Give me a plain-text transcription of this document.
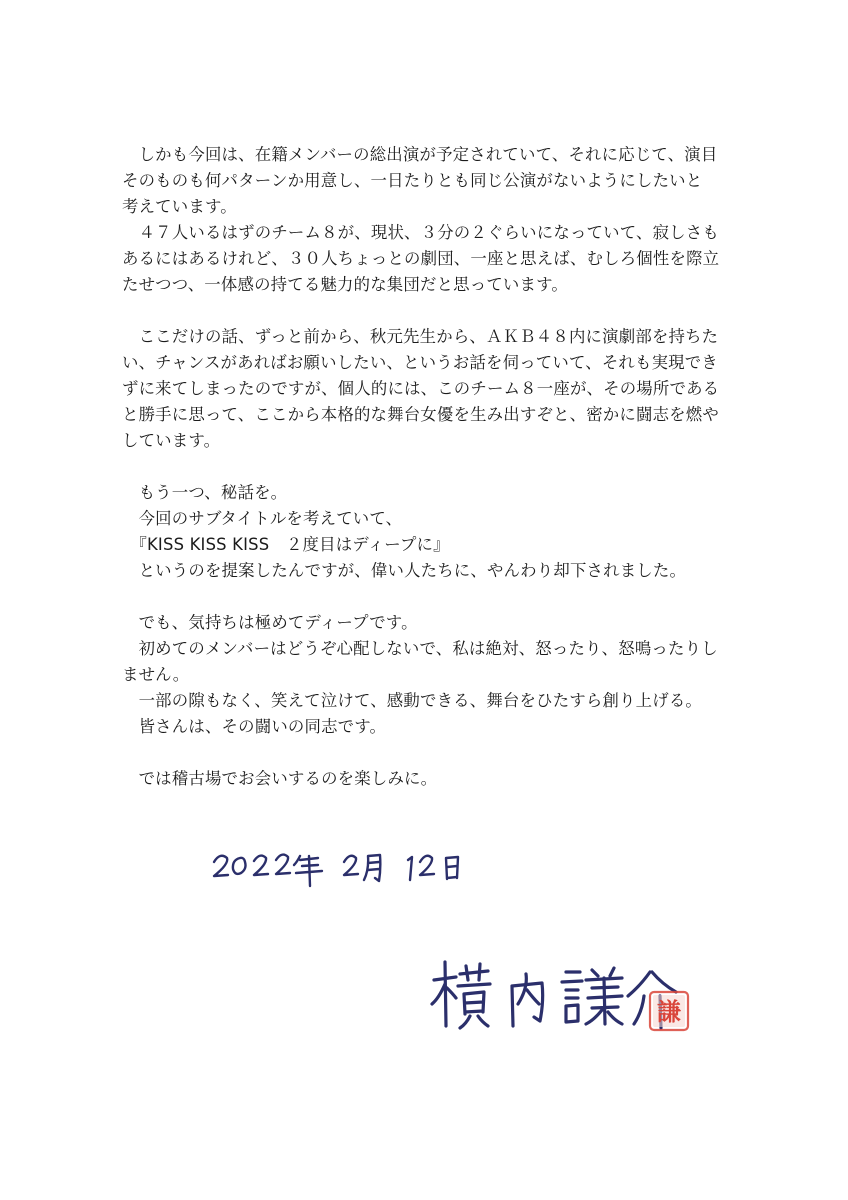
　しかも今回は、在籍メンバーの総出演が予定されていて、それに応じて、演目
そのものも何パターンか用意し、一日たりとも同じ公演がないようにしたいと
考えています。
　４７人いるはずのチーム８が、現状、３分の２ぐらいになっていて、寂しさも
あるにはあるけれど、３０人ちょっとの劇団、一座と思えば、むしろ個性を際立
たせつつ、一体感の持てる魅力的な集団だと思っています。
　ここだけの話、ずっと前から、秋元先生から、ＡＫＢ４８内に演劇部を持ちた
い、チャンスがあればお願いしたい、というお話を伺っていて、それも実現でき
ずに来てしまったのですが、個人的には、このチーム８一座が、その場所である
と勝手に思って、ここから本格的な舞台女優を生み出すぞと、密かに闘志を燃や
しています。
　もう一つ、秘話を。
　今回のサブタイトルを考えていて、
　『KISS KISS KISS　２度目はディープに』
　というのを提案したんですが、偉い人たちに、やんわり却下されました。
　でも、気持ちは極めてディープです。
　初めてのメンバーはどうぞ心配しないで、私は絶対、怒ったり、怒鳴ったりし
ません。
　一部の隙もなく、笑えて泣けて、感動できる、舞台をひたすら創り上げる。
　皆さんは、その闘いの同志です。
　では稽古場でお会いするのを楽しみに。
謙
